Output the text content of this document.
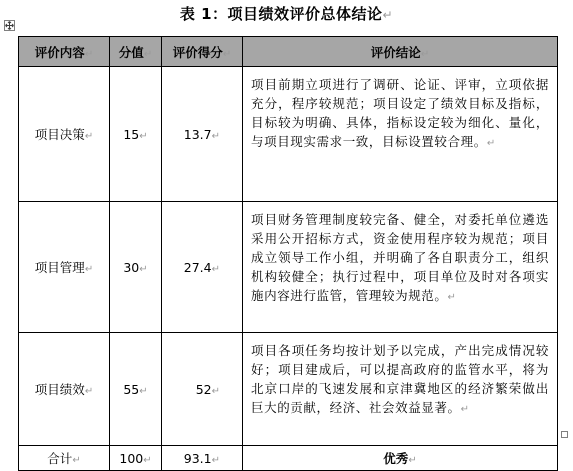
表 1：项目绩效评价总体结论↵
评价内容↵	分值↵	评价得分↵	评价结论↵
项目决策↵	15↵	13.7↵	项目前期立项进行了调研、论证、评审，立项依据充分，程序较规范；项目设定了绩效目标及指标，目标较为明确、具体，指标设定较为细化、量化，与项目现实需求一致，目标设置较合理。↵
项目管理↵	30↵	27.4↵	项目财务管理制度较完备、健全，对委托单位遴选采用公开招标方式，资金使用程序较为规范；项目成立领导工作小组，并明确了各自职责分工，组织机构较健全；执行过程中，项目单位及时对各项实施内容进行监管，管理较为规范。↵
项目绩效↵	55↵	52↵	项目各项任务均按计划予以完成，产出完成情况较好；项目建成后，可以提高政府的监管水平，将为北京口岸的飞速发展和京津冀地区的经济繁荣做出巨大的贡献，经济、社会效益显著。↵
合计↵	100↵	93.1↵	优秀↵
